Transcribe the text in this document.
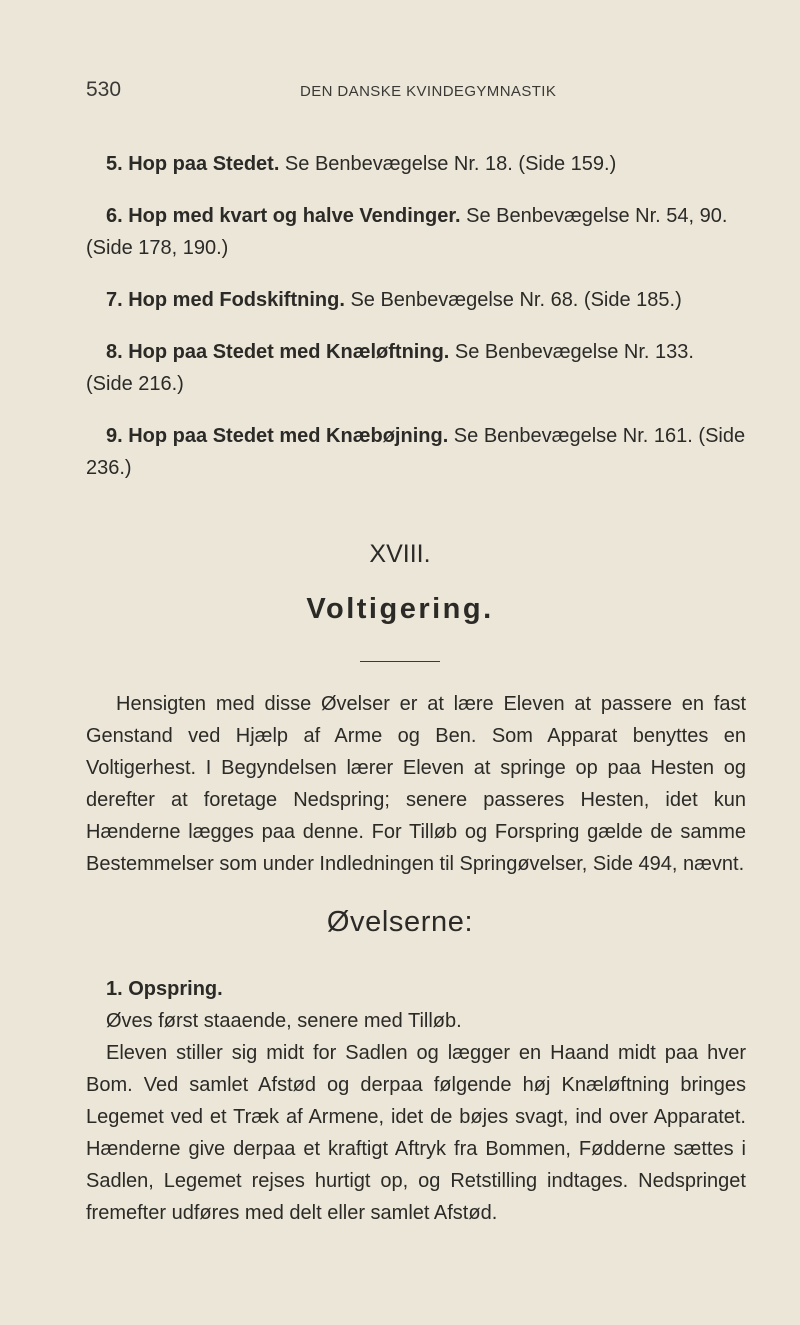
530	DEN DANSKE KVINDEGYMNASTIK

5. Hop paa Stedet. Se Benbevægelse Nr. 18. (Side 159.)

6. Hop med kvart og halve Vendinger. Se Benbevægelse Nr. 54, 90. (Side 178, 190.)

7. Hop med Fodskiftning. Se Benbevægelse Nr. 68. (Side 185.)

8. Hop paa Stedet med Knæløftning. Se Benbevægelse Nr. 133. (Side 216.)

9. Hop paa Stedet med Knæbøjning. Se Benbevægelse Nr. 161. (Side 236.)

XVIII.
Voltigering.

Hensigten med disse Øvelser er at lære Eleven at passere en fast Genstand ved Hjælp af Arme og Ben. Som Apparat benyttes en Voltigerhest. I Begyndelsen lærer Eleven at springe op paa Hesten og derefter at foretage Nedspring; senere passeres Hesten, idet kun Hænderne lægges paa denne. For Tilløb og Forspring gælde de samme Bestemmelser som under Indledningen til Springøvelser, Side 494, nævnt.

Øvelserne:

1. Opspring.

Øves først staaende, senere med Tilløb.

Eleven stiller sig midt for Sadlen og lægger en Haand midt paa hver Bom. Ved samlet Afstød og derpaa følgende høj Knæløftning bringes Legemet ved et Træk af Armene, idet de bøjes svagt, ind over Apparatet. Hænderne give derpaa et kraftigt Aftryk fra Bommen, Fødderne sættes i Sadlen, Legemet rejses hurtigt op, og Retstilling indtages. Nedspringet fremefter udføres med delt eller samlet Afstød.
